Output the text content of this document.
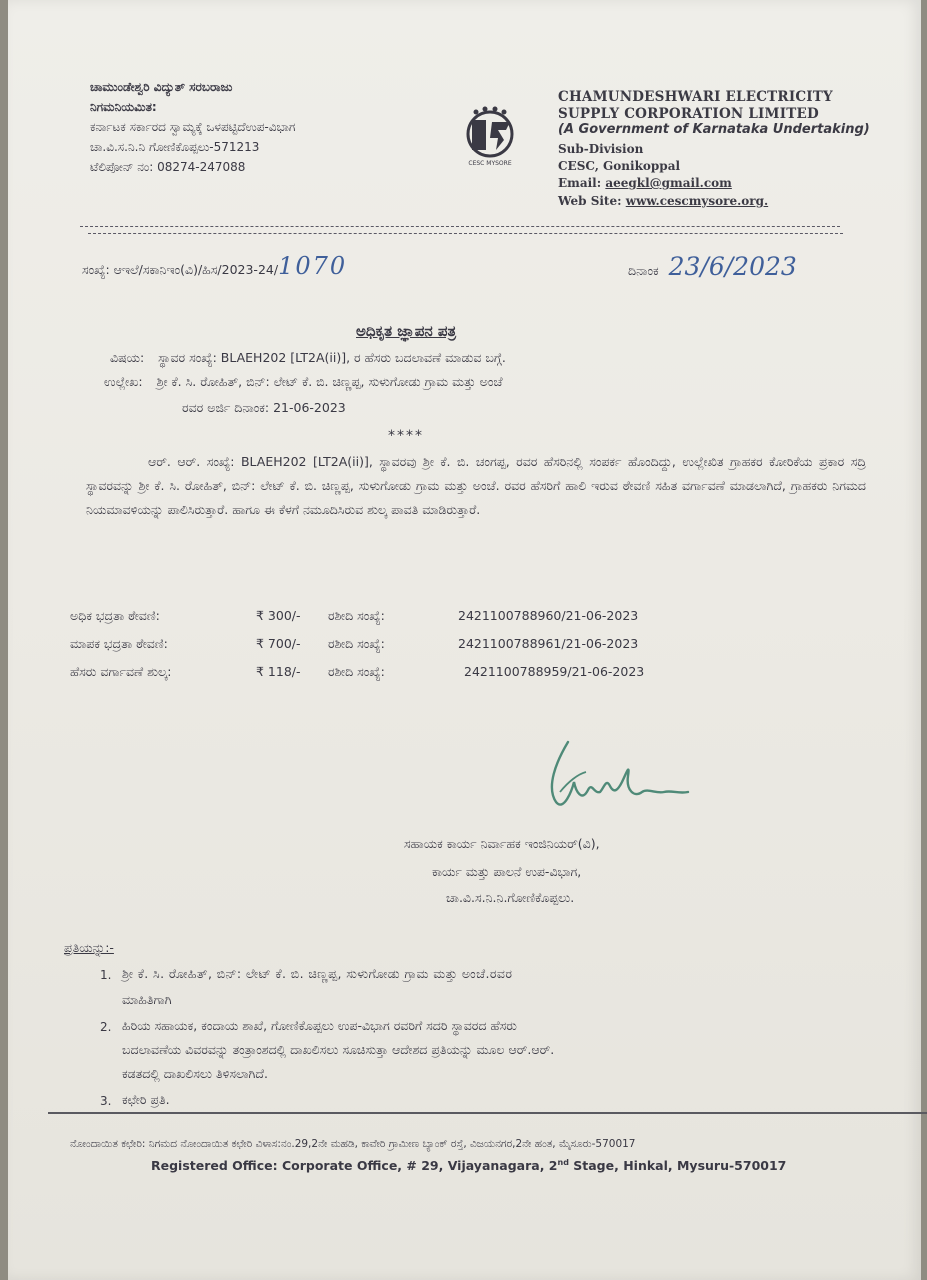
ಚಾಮುಂಡೇಶ್ವರಿ ವಿದ್ಯುತ್ ಸರಬರಾಜು
ನಿಗಮನಿಯಮಿತ:
ಕರ್ನಾಟಕ ಸರ್ಕಾರದ ಸ್ವಾಮ್ಯಕ್ಕೆ ಒಳಪಟ್ಟಿದೆಉಪ-ವಿಭಾಗ
ಚಾ.ವಿ.ಸ.ನಿ.ನಿ ಗೋಣಿಕೊಪ್ಪಲು-571213
ಟೆಲಿಪೋನ್ ನಂ: 08274-247088	CESC MYSORE
CHAMUNDESHWARI ELECTRICITY
SUPPLY CORPORATION LIMITED
(A Government of Karnataka Undertaking)
Sub-Division
CESC, Gonikoppal
Email: aeegkl@gmail.com
Web Site: www.cescmysore.org.
ಸಂಖ್ಯೆ: ಆಇಲೆ/ಸಕಾನಿಇಂ(ವಿ)/ಹಿಸ/2023-24/1070	ದಿನಾಂಕ 23/6/2023
ಅಧಿಕೃತ ಜ್ಞಾಪನ ಪತ್ರ
ವಿಷಯ: ಸ್ಥಾವರ ಸಂಖ್ಯೆ: BLAEH202 [LT2A(ii)], ರ ಹೆಸರು ಬದಲಾವಣೆ ಮಾಡುವ ಬಗ್ಗೆ.
ಉಲ್ಲೇಖ: ಶ್ರೀ ಕೆ. ಸಿ. ರೋಹಿತ್, ಬಿನ್: ಲೇಟ್ ಕೆ. ಬಿ. ಚಿಣ್ಣಪ್ಪ, ಸುಳುಗೋಡು ಗ್ರಾಮ ಮತ್ತು ಅಂಚೆ
ರವರ ಅರ್ಜಿ ದಿನಾಂಕ: 21-06-2023
****
ಆರ್. ಆರ್. ಸಂಖ್ಯೆ: BLAEH202 [LT2A(ii)], ಸ್ಥಾವರವು ಶ್ರೀ ಕೆ. ಬಿ. ಚಂಗಪ್ಪ, ರವರ ಹೆಸರಿನಲ್ಲಿ ಸಂಪರ್ಕ ಹೊಂದಿದ್ದು, ಉಲ್ಲೇಖಿತ ಗ್ರಾಹಕರ ಕೋರಿಕೆಯ ಪ್ರಕಾರ ಸದ್ರಿ ಸ್ಥಾವರವನ್ನು ಶ್ರೀ ಕೆ. ಸಿ. ರೋಹಿತ್, ಬಿನ್: ಲೇಟ್ ಕೆ. ಬಿ. ಚಿಣ್ಣಪ್ಪ, ಸುಳುಗೋಡು ಗ್ರಾಮ ಮತ್ತು ಅಂಚೆ. ರವರ ಹೆಸರಿಗೆ ಹಾಲಿ ಇರುವ ಠೇವಣಿ ಸಹಿತ ವರ್ಗಾವಣೆ ಮಾಡಲಾಗಿದೆ, ಗ್ರಾಹಕರು ನಿಗಮದ ನಿಯಮಾವಳಿಯನ್ನು ಪಾಲಿಸಿರುತ್ತಾರೆ. ಹಾಗೂ ಈ ಕೆಳಗೆ ನಮೂದಿಸಿರುವ ಶುಲ್ಕ ಪಾವತಿ ಮಾಡಿರುತ್ತಾರೆ.
ಅಧಿಕ ಭದ್ರತಾ ಠೇವಣಿ:	₹ 300/- ರಶೀದಿ ಸಂಖ್ಯೆ:	2421100788960/21-06-2023
ಮಾಪಕ ಭದ್ರತಾ ಠೇವಣಿ:	₹ 700/- ರಶೀದಿ ಸಂಖ್ಯೆ:	2421100788961/21-06-2023
ಹೆಸರು ವರ್ಗಾವಣೆ ಶುಲ್ಕ:	₹ 118/- ರಶೀದಿ ಸಂಖ್ಯೆ:	2421100788959/21-06-2023
ಸಹಾಯಕ ಕಾರ್ಯ ನಿರ್ವಾಹಕ ಇಂಜಿನಿಯರ್(ವಿ),
ಕಾರ್ಯ ಮತ್ತು ಪಾಲನೆ ಉಪ-ವಿಭಾಗ,
ಚಾ.ವಿ.ಸ.ನಿ.ನಿ.ಗೋಣಿಕೊಪ್ಪಲು.
ಪ್ರತಿಯನ್ನು:-
1. ಶ್ರೀ ಕೆ. ಸಿ. ರೋಹಿತ್, ಬಿನ್: ಲೇಟ್ ಕೆ. ಬಿ. ಚಿಣ್ಣಪ್ಪ, ಸುಳುಗೋಡು ಗ್ರಾಮ ಮತ್ತು ಅಂಚೆ.ರವರ
ಮಾಹಿತಿಗಾಗಿ
2. ಹಿರಿಯ ಸಹಾಯಕ, ಕಂದಾಯ ಶಾಖೆ, ಗೋಣಿಕೊಪ್ಪಲು ಉಪ-ವಿಭಾಗ ರವರಿಗೆ ಸದರಿ ಸ್ಥಾವರದ ಹೆಸರು
ಬದಲಾವಣೆಯ ವಿವರವನ್ನು ತಂತ್ರಾಂಶದಲ್ಲಿ ದಾಖಲಿಸಲು ಸೂಚಿಸುತ್ತಾ ಆದೇಶದ ಪ್ರತಿಯನ್ನು ಮೂಲ ಆರ್.ಆರ್.
ಕಡತದಲ್ಲಿ ದಾಖಲಿಸಲು ತಿಳಿಸಲಾಗಿದೆ.
3. ಕಛೇರಿ ಪ್ರತಿ.
ನೋಂದಾಯಿತ ಕಛೇರಿ: ನಿಗಮದ ನೋಂದಾಯಿತ ಕಛೇರಿ ವಿಳಾಸ:ನಂ.29,2ನೇ ಮಹಡಿ, ಕಾವೇರಿ ಗ್ರಾಮೀಣ ಬ್ಯಾಂಕ್ ರಸ್ತೆ, ವಿಜಯನಗರ,2ನೇ ಹಂತ, ಮೈಸೂರು-570017
Registered Office: Corporate Office, # 29, Vijayanagara, 2nd Stage, Hinkal, Mysuru-570017
